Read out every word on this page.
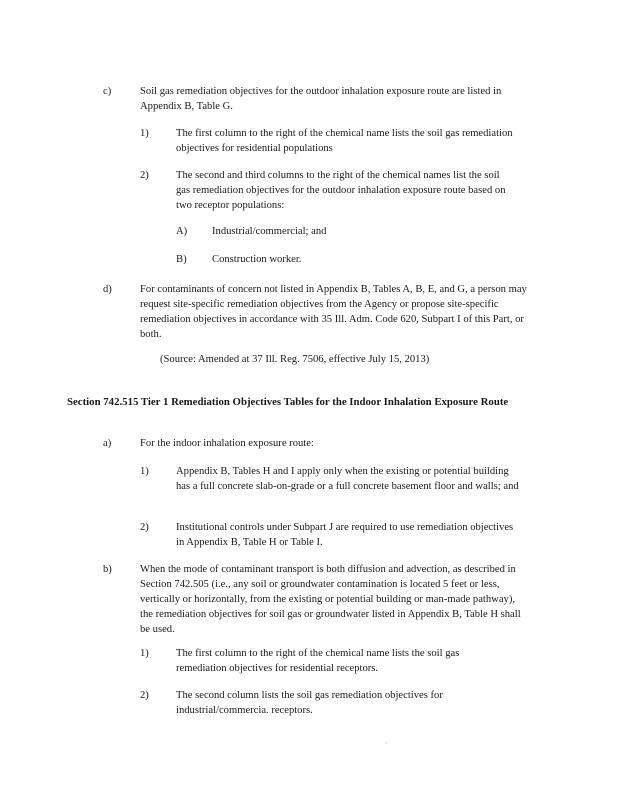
c)	Soil gas remediation objectives for the outdoor inhalation exposure route are listed in Appendix B, Table G.
1)	The first column to the right of the chemical name lists the soil gas remediation objectives for residential populations
2)	The second and third columns to the right of the chemical names list the soil gas remediation objectives for the outdoor inhalation exposure route based on two receptor populations:
A) Industrial/commercial; and
B) Construction worker.
d)	For contaminants of concern not listed in Appendix B, Tables A, B, E, and G, a person may request site-specific remediation objectives from the Agency or propose site-specific remediation objectives in accordance with 35 Ill. Adm. Code 620, Subpart I of this Part, or both.
(Source: Amended at 37 Ill. Reg. 7506, effective July 15, 2013)
Section 742.515 Tier 1 Remediation Objectives Tables for the Indoor Inhalation Exposure Route
a)	For the indoor inhalation exposure route:
1)	Appendix B, Tables H and I apply only when the existing or potential building has a full concrete slab-on-grade or a full concrete basement floor and walls; and
2)	Institutional controls under Subpart J are required to use remediation objectives in Appendix B, Table H or Table I.
b)	When the mode of contaminant transport is both diffusion and advection, as described in Section 742.505 (i.e., any soil or groundwater contamination is located 5 feet or less, vertically or horizontally, from the existing or potential building or man-made pathway), the remediation objectives for soil gas or groundwater listed in Appendix B, Table H shall be used.
1)	The first column to the right of the chemical name lists the soil gas remediation objectives for residential receptors.
2)	The second column lists the soil gas remediation objectives for industrial/commercia. receptors.
·
